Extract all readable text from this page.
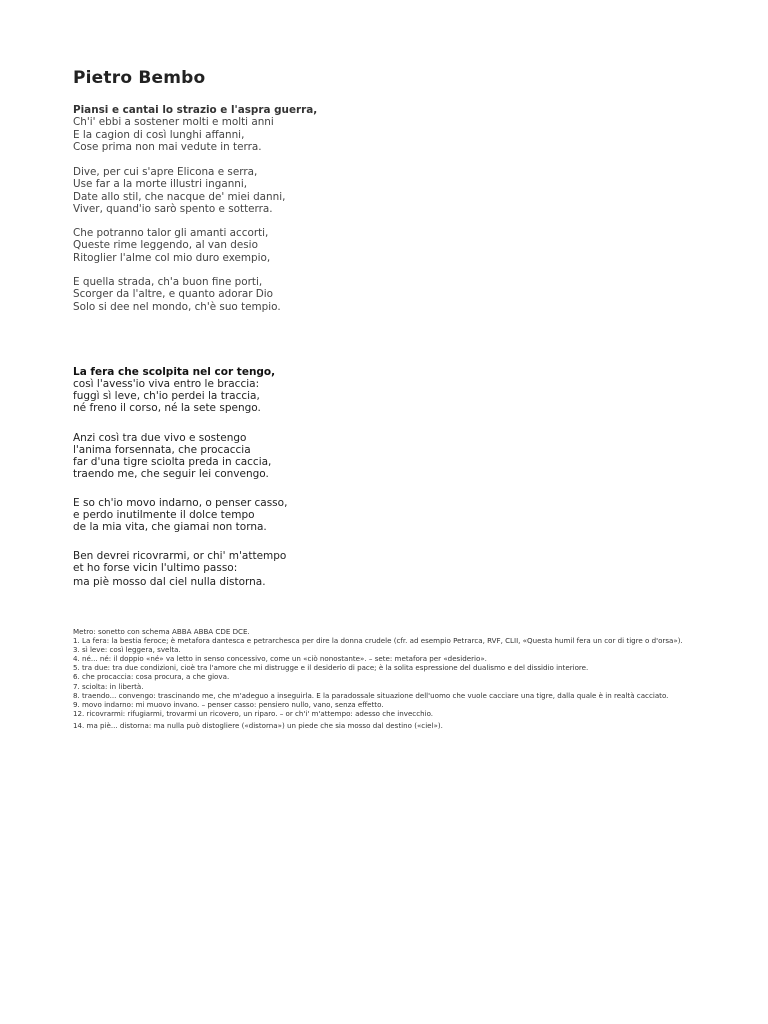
Pietro Bembo
Piansi e cantai lo strazio e l'aspra guerra,
Ch'i' ebbi a sostener molti e molti anni
E la cagion di così lunghi affanni,
Cose prima non mai vedute in terra.
Dive, per cui s'apre Elicona e serra,
Use far a la morte illustri inganni,
Date allo stil, che nacque de' miei danni,
Viver, quand'io sarò spento e sotterra.
Che potranno talor gli amanti accorti,
Queste rime leggendo, al van desio
Ritoglier l'alme col mio duro exempio,
E quella strada, ch'a buon fine porti,
Scorger da l'altre, e quanto adorar Dio
Solo si dee nel mondo, ch'è suo tempio.
La fera che scolpita nel cor tengo,
così l'avess'io viva entro le braccia:
fuggì sì leve, ch'io perdei la traccia,
né freno il corso, né la sete spengo.
Anzi così tra due vivo e sostengo
l'anima forsennata, che procaccia
far d'una tigre sciolta preda in caccia,
traendo me, che seguir lei convengo.
E so ch'io movo indarno, o penser casso,
e perdo inutilmente il dolce tempo
de la mia vita, che giamai non torna.
Ben devrei ricovrarmi, or chi' m'attempo
et ho forse vicin l'ultimo passo:
ma piè mosso dal ciel nulla distorna.
Metro: sonetto con schema ABBA ABBA CDE DCE.
1. La fera: la bestia feroce; è metafora dantesca e petrarchesca per dire la donna crudele (cfr. ad esempio Petrarca, RVF, CLII, «Questa humil fera un cor di tigre o d'orsa»).
3. sì leve: così leggera, svelta.
4. né... né: il doppio «né» va letto in senso concessivo, come un «ciò nonostante». – sete: metafora per «desiderio».
5. tra due: tra due condizioni, cioè tra l'amore che mi distrugge e il desiderio di pace; è la solita espressione del dualismo e del dissidio interiore.
6. che procaccia: cosa procura, a che giova.
7. sciolta: in libertà.
8. traendo... convengo: trascinando me, che m'adeguo a inseguirla. E la paradossale situazione dell'uomo che vuole cacciare una tigre, dalla quale è in realtà cacciato.
9. movo indarno: mi muovo invano. – penser casso: pensiero nullo, vano, senza effetto.
12. ricovrarmi: rifugiarmi, trovarmi un ricovero, un riparo. – or ch'i' m'attempo: adesso che invecchio.
14. ma piè... distorna: ma nulla può distogliere («distorna») un piede che sia mosso dal destino («ciel»).
